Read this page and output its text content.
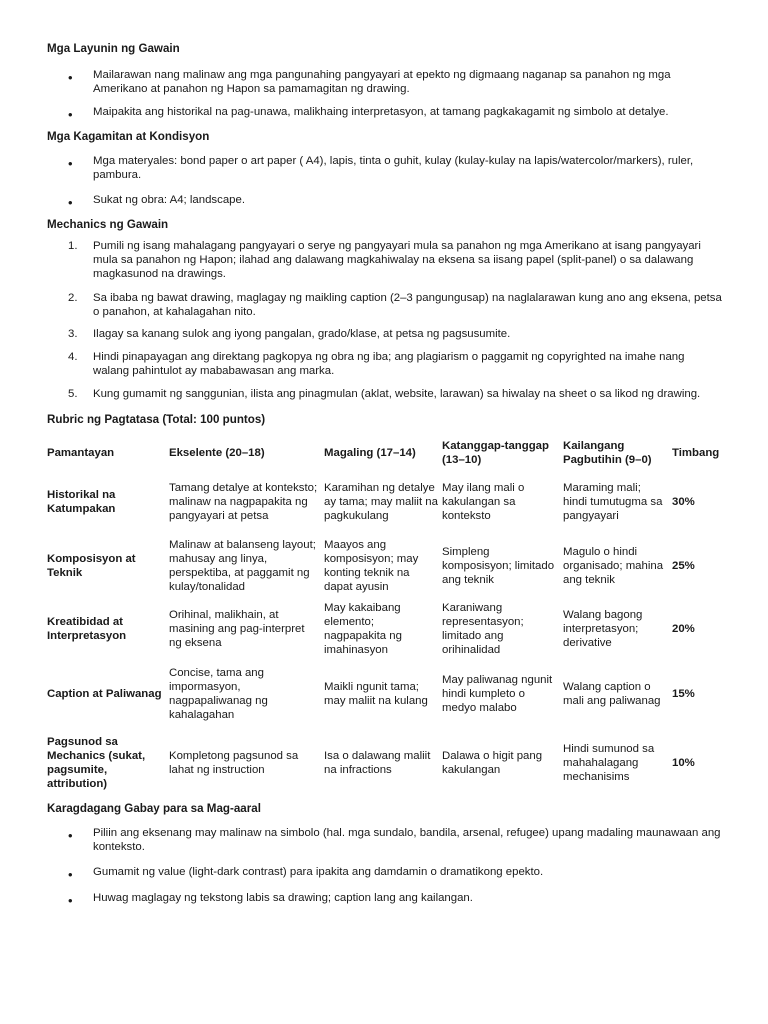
Mga Layunin ng Gawain
• Mailarawan nang malinaw ang mga pangunahing pangyayari at epekto ng digmaang naganap sa panahon ng mga Amerikano at panahon ng Hapon sa pamamagitan ng drawing.
• Maipakita ang historikal na pag-unawa, malikhaing interpretasyon, at tamang pagkakagamit ng simbolo at detalye.
Mga Kagamitan at Kondisyon
• Mga materyales: bond paper o art paper ( A4), lapis, tinta o guhit, kulay (kulay-kulay na lapis/watercolor/markers), ruler, pambura.
• Sukat ng obra: A4; landscape.
Mechanics ng Gawain
1. Pumili ng isang mahalagang pangyayari o serye ng pangyayari mula sa panahon ng mga Amerikano at isang pangyayari mula sa panahon ng Hapon; ilahad ang dalawang magkahiwalay na eksena sa iisang papel (split-panel) o sa dalawang magkasunod na drawings.
2. Sa ibaba ng bawat drawing, maglagay ng maikling caption (2–3 pangungusap) na naglalarawan kung ano ang eksena, petsa o panahon, at kahalagahan nito.
3. Ilagay sa kanang sulok ang iyong pangalan, grado/klase, at petsa ng pagsusumite.
4. Hindi pinapayagan ang direktang pagkopya ng obra ng iba; ang plagiarism o paggamit ng copyrighted na imahe nang walang pahintulot ay mababawasan ang marka.
5. Kung gumamit ng sanggunian, ilista ang pinagmulan (aklat, website, larawan) sa hiwalay na sheet o sa likod ng drawing.
Rubric ng Pagtatasa (Total: 100 puntos)
Pamantayan	Ekselente (20–18)	Magaling (17–14)	Katanggap-tanggap (13–10)	Kailangang Pagbutihin (9–0)	Timbang
Historikal na Katumpakan	Tamang detalye at konteksto; malinaw na nagpapakita ng pangyayari at petsa	Karamihan ng detalye ay tama; may maliit na pagkukulang	May ilang mali o kakulangan sa konteksto	Maraming mali; hindi tumutugma sa pangyayari	30%
Komposisyon at Teknik	Malinaw at balanseng layout; mahusay ang linya, perspektiba, at paggamit ng kulay/tonalidad	Maayos ang komposisyon; may konting teknik na dapat ayusin	Simpleng komposisyon; limitado ang teknik	Magulo o hindi organisado; mahina ang teknik	25%
Kreatibidad at Interpretasyon	Orihinal, malikhain, at masining ang pag-interpret ng eksena	May kakaibang elemento; nagpapakita ng imahinasyon	Karaniwang representasyon; limitado ang orihinalidad	Walang bagong interpretasyon; derivative	20%
Caption at Paliwanag	Concise, tama ang impormasyon, nagpapaliwanag ng kahalagahan	Maikli ngunit tama; may maliit na kulang	May paliwanag ngunit hindi kumpleto o medyo malabo	Walang caption o mali ang paliwanag	15%
Pagsunod sa Mechanics (sukat, pagsumite, attribution)	Kompletong pagsunod sa lahat ng instruction	Isa o dalawang maliit na infractions	Dalawa o higit pang kakulangan	Hindi sumunod sa mahahalagang mechanisims	10%
Karagdagang Gabay para sa Mag-aaral
• Piliin ang eksenang may malinaw na simbolo (hal. mga sundalo, bandila, arsenal, refugee) upang madaling maunawaan ang konteksto.
• Gumamit ng value (light-dark contrast) para ipakita ang damdamin o dramatikong epekto.
• Huwag maglagay ng tekstong labis sa drawing; caption lang ang kailangan.
